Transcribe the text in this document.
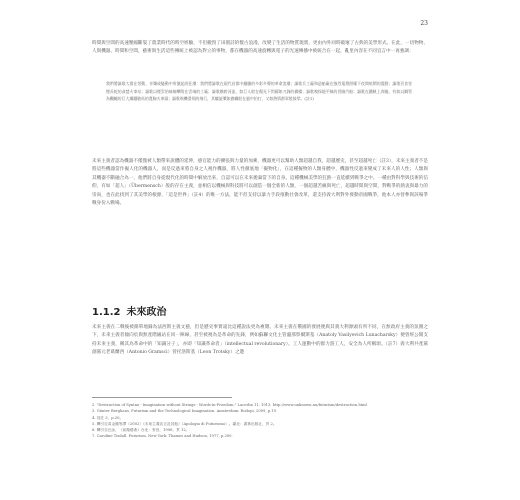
23

時間與空間的高速壓縮斷裂了農業時代的時空經驗，不但撤毀了田園詩的懷古浪漫，改變了生活的物質現實，更由內外同時破壞了古典的美學形式。在此，一切物物、人與機器、時間和空間，藝術與生活這些傳統上被認為對立的事物，都在機器的高速旋轉與電子的光速傳播中被統合在一起，亂里內容在不同宜言中一再強調：

我們將謳歌大群在勞動、享樂或騷動中所激起的狂潮：我們將謳歌在現代首都中翻騰的多彩多聲的革命浪潮；謳歌兵工廠和造船廠在強烈電燈照耀下夜間喧鬧的震動；謳歌吞食冒煙長蛇的貪婪火車站；謳歌以煙雲的絲線攀附在雲端的工廠；謳歌橫跨河流、如巨人般在陽光下閃耀如刀鋒的橋樑；謳歌嗅探地平線的冒險汽船；謳歌在鐵軌上奔馳、有如以鋼管為韁繩的巨大鋼鐵駿馬的寬胸火車頭；謳歌飛機滑翔的飛行，其螺旋槳如旗幟般在風中拍打，又如熱情群眾般鼓掌。(註1)

未來主義者認為機器不僅僅被人類帶來說體的延伸，感官能力的擴張與力量的加乘，機器更可以幫助人類超越自我，超越歷史，甚至超越死亡（註3），未來主義者不是將這些機器當作擬人化的機器人，而是反過來將自身之人視作機器，將人性徹底地「擬物化」，在這種擬物的人類身體中，機器性反過來變成了未來人的人性；人類與其機器不斷融合為一，他們將自身從現代化的時間中解放出來，自認可以在未來拋棄當下的自身。這種機械美學的狂熱一直延續到戰爭之中。一種由對科學與技術的信仰，有如「超人」（Übermensch）般的存在主義，並相信以機械與科技將可以創造一個全新的人類，一個超越苦痛與死亡，超越時間與空間，對戰爭的熱衷與暴力的崇尚，也在此找到了其美學的根源，「這是世界」（註4）的唯一方法，能不但支持以暴力手段推動社會改革，還支持義大利對外發動帝國戰爭，他本人亦曾參與該場爭戰身份入戰場。

1.1.2 未來政治

未來主義在二戰後被簡單地歸為法西斯主義文藝，但是歷史事實遠比這種說法更為複雜。未來主義在俄國的發展便與其義大利源頭有所不同，在無政府主義的氛圍之下，未來主義者傾向於與無產階級站在同一陣線，甚至被視為是革命的先鋒，例如蘇聯文化主管盧那察爾斯基（Anatoly Vasilyevich Lunacharsky）便曾經公開支持未來主義，稱其為革命中的「知識分子」，亦即「知識革命者」（intellectual revolutionary）。工人運動中的群力游工人，安全為人所稱頌。（註7）義大利共產黨創黨元老葛蘭西（Antonio Gramsci）曾托洛斯基（Leon Trotsky）之邀

2. "Destruction of Syntax - Imagination without Strings - Words-in-Freedom," Lacerba 11, 1913. http://www.unknown.nu/futurism/destruction.html
3. Günter Berghaus. Futurism and the Technological Imagination. Amsterdam: Rodopi, 2009, p.19.
4. 同註 3，p.20。
5. 轉引自黃金鳳等譯（2002）《未來主義宣言及其他》（Apologia di Futurismo）。臺北：書林出版社，頁 2。
6. 轉引自汪詠，《前衛藝術》台北：麥田，1996，頁 12。
7. Caroline Tisdall. Futurism. New York: Thames and Hudson, 1977, p.200.
